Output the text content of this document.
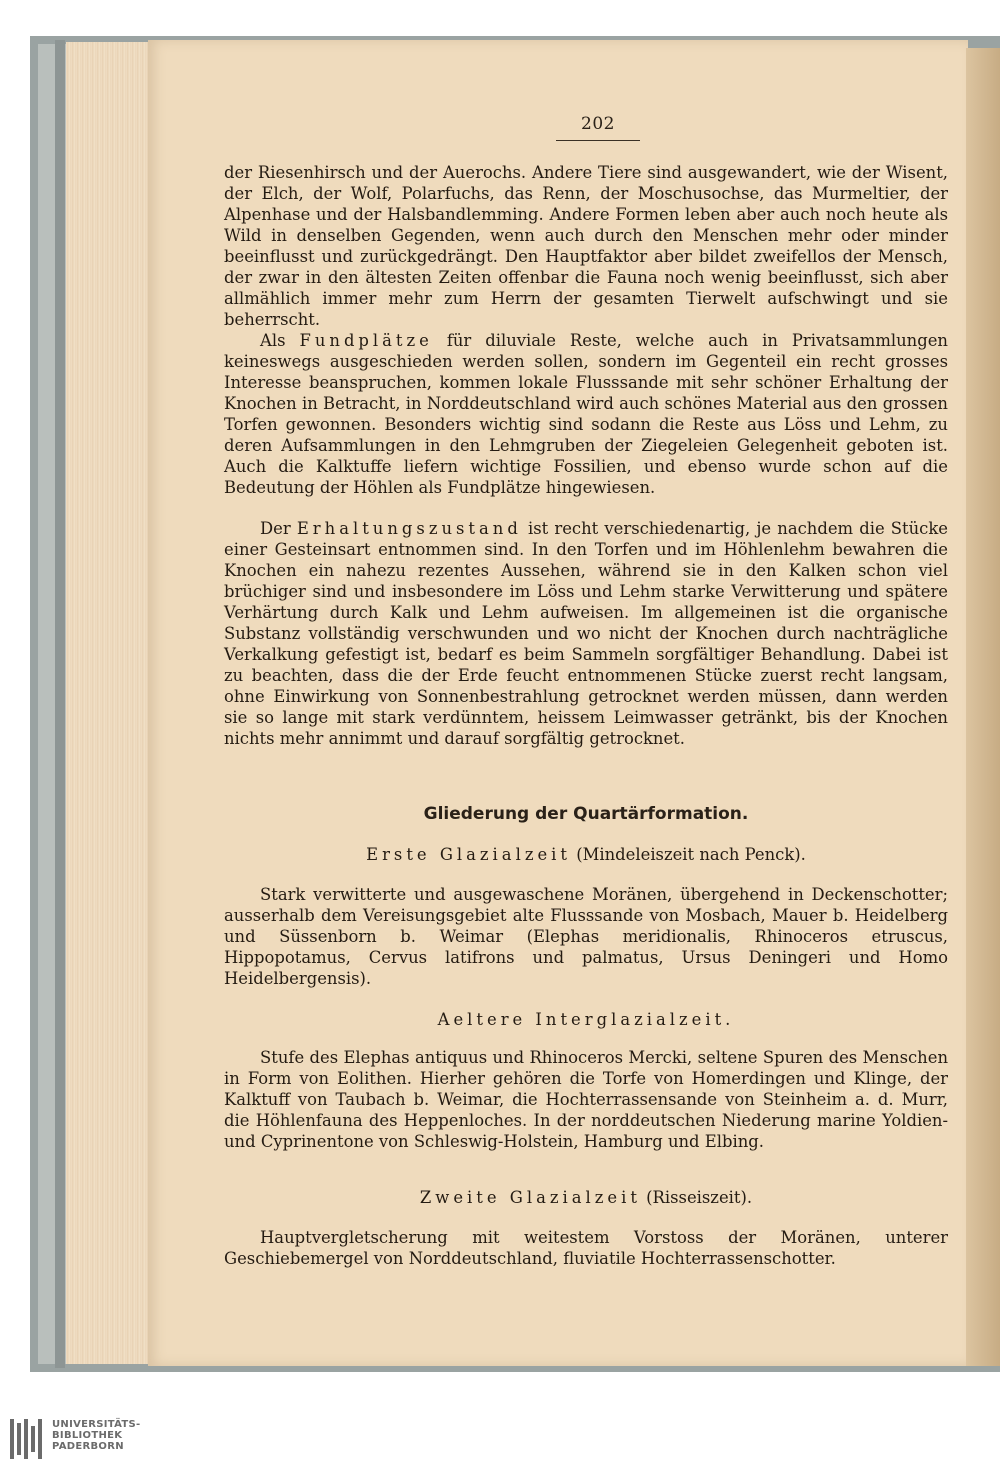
202

der Riesenhirsch und der Auerochs. Andere Tiere sind ausgewandert, wie der Wisent, der Elch, der Wolf, Polarfuchs, das Renn, der Moschusochse, das Murmeltier, der Alpenhase und der Halsbandlemming. Andere Formen leben aber auch noch heute als Wild in denselben Gegenden, wenn auch durch den Menschen mehr oder minder beeinflusst und zurückgedrängt. Den Hauptfaktor aber bildet zweifellos der Mensch, der zwar in den ältesten Zeiten offenbar die Fauna noch wenig beeinflusst, sich aber allmählich immer mehr zum Herrn der gesamten Tierwelt aufschwingt und sie beherrscht.

Als Fundplätze für diluviale Reste, welche auch in Privatsammlungen keineswegs ausgeschieden werden sollen, sondern im Gegenteil ein recht grosses Interesse beanspruchen, kommen lokale Flusssande mit sehr schöner Erhaltung der Knochen in Betracht, in Norddeutschland wird auch schönes Material aus den grossen Torfen gewonnen. Besonders wichtig sind sodann die Reste aus Löss und Lehm, zu deren Aufsammlungen in den Lehmgruben der Ziegeleien Gelegenheit geboten ist. Auch die Kalktuffe liefern wichtige Fossilien, und ebenso wurde schon auf die Bedeutung der Höhlen als Fundplätze hingewiesen.

Der Erhaltungszustand ist recht verschiedenartig, je nachdem die Stücke einer Gesteinsart entnommen sind. In den Torfen und im Höhlenlehm bewahren die Knochen ein nahezu rezentes Aussehen, während sie in den Kalken schon viel brüchiger sind und insbesondere im Löss und Lehm starke Verwitterung und spätere Verhärtung durch Kalk und Lehm aufweisen. Im allgemeinen ist die organische Substanz vollständig verschwunden und wo nicht der Knochen durch nachträgliche Verkalkung gefestigt ist, bedarf es beim Sammeln sorgfältiger Behandlung. Dabei ist zu beachten, dass die der Erde feucht entnommenen Stücke zuerst recht langsam, ohne Einwirkung von Sonnenbestrahlung getrocknet werden müssen, dann werden sie so lange mit stark verdünntem, heissem Leimwasser getränkt, bis der Knochen nichts mehr annimmt und darauf sorgfältig getrocknet.

Gliederung der Quartärformation.
Erste Glazialzeit (Mindeleiszeit nach Penck).

Stark verwitterte und ausgewaschene Moränen, übergehend in Deckenschotter; ausserhalb dem Vereisungsgebiet alte Flusssande von Mosbach, Mauer b. Heidelberg und Süssenborn b. Weimar (Elephas meridionalis, Rhinoceros etruscus, Hippopotamus, Cervus latifrons und palmatus, Ursus Deningeri und Homo Heidelbergensis).

Aeltere Interglazialzeit.

Stufe des Elephas antiquus und Rhinoceros Mercki, seltene Spuren des Menschen in Form von Eolithen. Hierher gehören die Torfe von Homerdingen und Klinge, der Kalktuff von Taubach b. Weimar, die Hochterrassensande von Steinheim a. d. Murr, die Höhlenfauna des Heppenloches. In der norddeutschen Niederung marine Yoldien- und Cyprinentone von Schleswig-Holstein, Hamburg und Elbing.

Zweite Glazialzeit (Risseiszeit).

Hauptvergletscherung mit weitestem Vorstoss der Moränen, unterer Geschiebemergel von Norddeutschland, fluviatile Hochterrassenschotter.

UNIVERSITÄTS-
BIBLIOTHEK
PADERBORN
